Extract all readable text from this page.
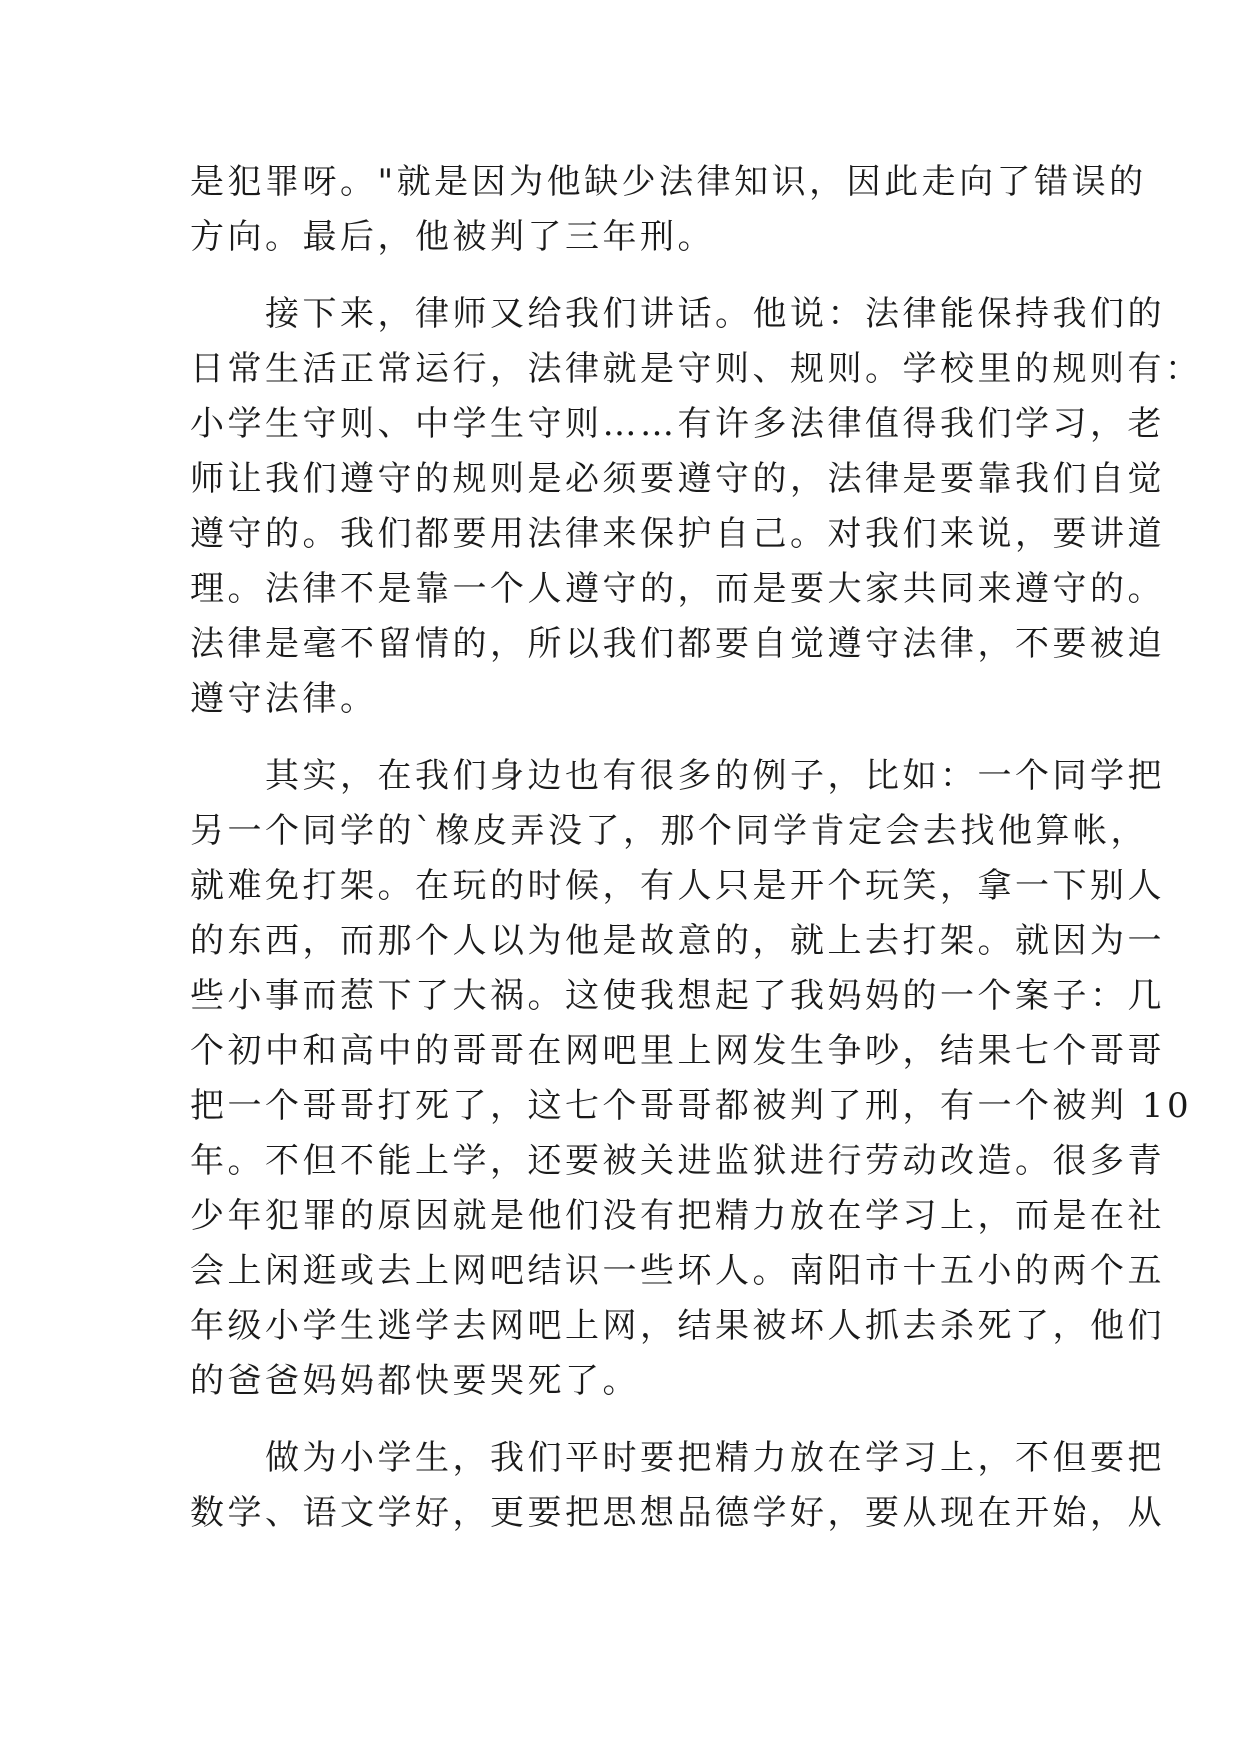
是犯罪呀。"就是因为他缺少法律知识，因此走向了错误的
方向。最后，他被判了三年刑。
　　接下来，律师又给我们讲话。他说：法律能保持我们的
日常生活正常运行，法律就是守则、规则。学校里的规则有：
小学生守则、中学生守则……有许多法律值得我们学习，老
师让我们遵守的规则是必须要遵守的，法律是要靠我们自觉
遵守的。我们都要用法律来保护自己。对我们来说，要讲道
理。法律不是靠一个人遵守的，而是要大家共同来遵守的。
法律是毫不留情的，所以我们都要自觉遵守法律，不要被迫
遵守法律。
　　其实，在我们身边也有很多的例子，比如：一个同学把
另一个同学的`橡皮弄没了，那个同学肯定会去找他算帐，
就难免打架。在玩的时候，有人只是开个玩笑，拿一下别人
的东西，而那个人以为他是故意的，就上去打架。就因为一
些小事而惹下了大祸。这使我想起了我妈妈的一个案子：几
个初中和高中的哥哥在网吧里上网发生争吵，结果七个哥哥
把一个哥哥打死了，这七个哥哥都被判了刑，有一个被判 10
年。不但不能上学，还要被关进监狱进行劳动改造。很多青
少年犯罪的原因就是他们没有把精力放在学习上，而是在社
会上闲逛或去上网吧结识一些坏人。南阳市十五小的两个五
年级小学生逃学去网吧上网，结果被坏人抓去杀死了，他们
的爸爸妈妈都快要哭死了。
　　做为小学生，我们平时要把精力放在学习上，不但要把
数学、语文学好，更要把思想品德学好，要从现在开始，从
